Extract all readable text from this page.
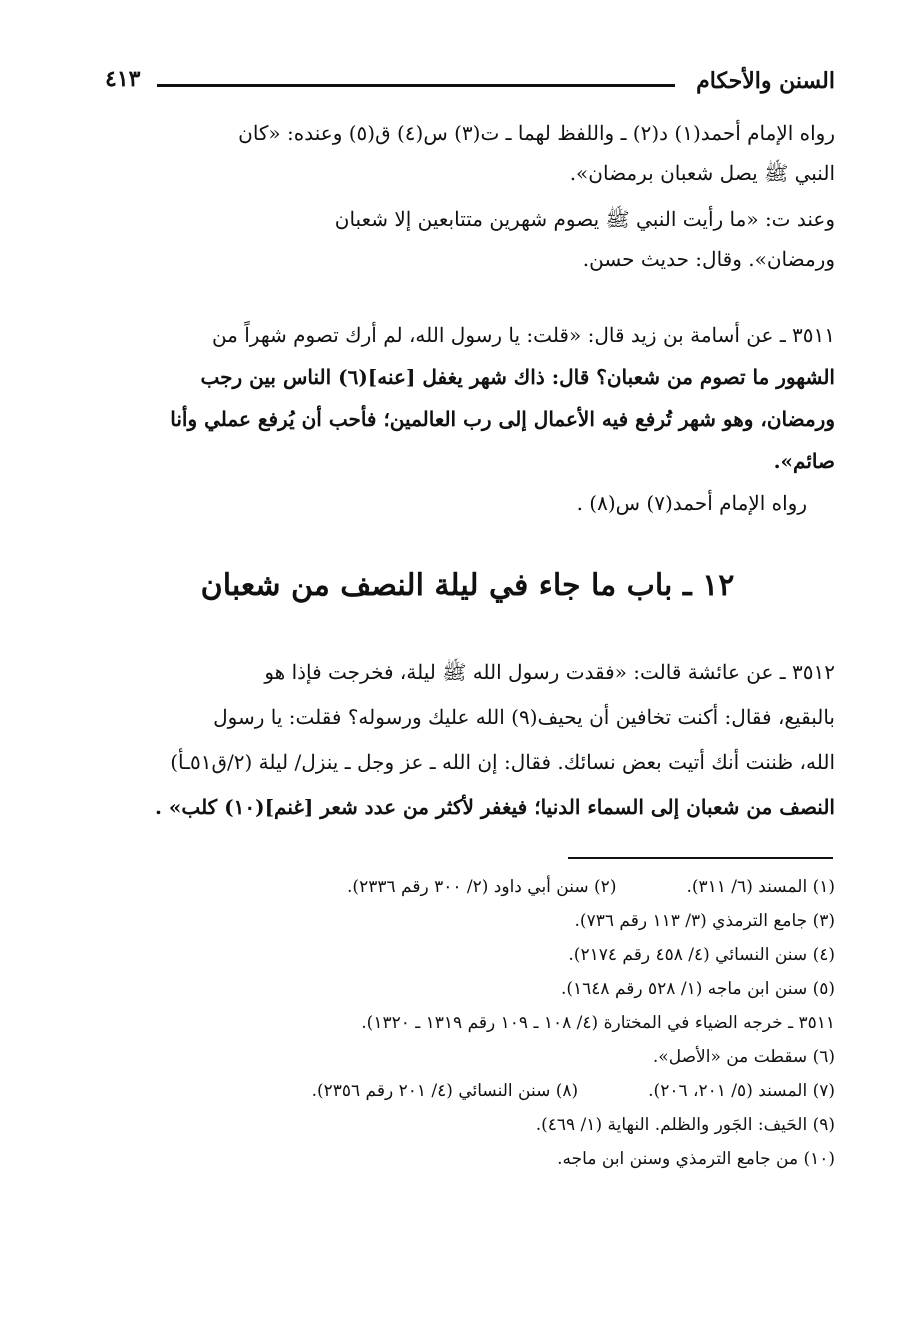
السنن والأحكام
٤١٣
رواه الإمام أحمد(١) د(٢) ـ واللفظ لهما ـ ت(٣) س(٤) ق(٥) وعنده: «كان
النبي ﷺ يصل شعبان برمضان».
وعند ت: «ما رأيت النبي ﷺ يصوم شهرين متتابعين إلا شعبان
ورمضان». وقال: حديث حسن.
٣٥١١ ـ عن أسامة بن زيد قال: «قلت: يا رسول الله، لم أرك تصوم شهراً من
الشهور ما تصوم من شعبان؟ قال: ذاك شهر يغفل [عنه](٦) الناس بين رجب
ورمضان، وهو شهر تُرفع فيه الأعمال إلى رب العالمين؛ فأحب أن يُرفع عملي وأنا
صائم».
رواه الإمام أحمد(٧) س(٨) .
١٢ ـ باب ما جاء في ليلة النصف من شعبان
٣٥١٢ ـ عن عائشة قالت: «فقدت رسول الله ﷺ ليلة، فخرجت فإذا هو
بالبقيع، فقال: أكنت تخافين أن يحيف(٩) الله عليك ورسوله؟ فقلت: يا رسول
الله، ظننت أنك أتيت بعض نسائك. فقال: إن الله ـ عز وجل ـ ينزل/ ليلة (٢/ق٥١ـأ)
النصف من شعبان إلى السماء الدنيا؛ فيغفر لأكثر من عدد شعر [غنم](١٠) كلب» .
(١) المسند (٦/ ٣١١).(٢) سنن أبي داود (٢/ ٣٠٠ رقم ٢٣٣٦).
(٣) جامع الترمذي (٣/ ١١٣ رقم ٧٣٦).
(٤) سنن النسائي (٤/ ٤٥٨ رقم ٢١٧٤).
(٥) سنن ابن ماجه (١/ ٥٢٨ رقم ١٦٤٨).
٣٥١١ ـ خرجه الضياء في المختارة (٤/ ١٠٨ ـ ١٠٩ رقم ١٣١٩ ـ ١٣٢٠).
(٦) سقطت من «الأصل».
(٧) المسند (٥/ ٢٠١، ٢٠٦).(٨) سنن النسائي (٤/ ٢٠١ رقم ٢٣٥٦).
(٩) الحَيف: الجَور والظلم. النهاية (١/ ٤٦٩).
(١٠) من جامع الترمذي وسنن ابن ماجه.
